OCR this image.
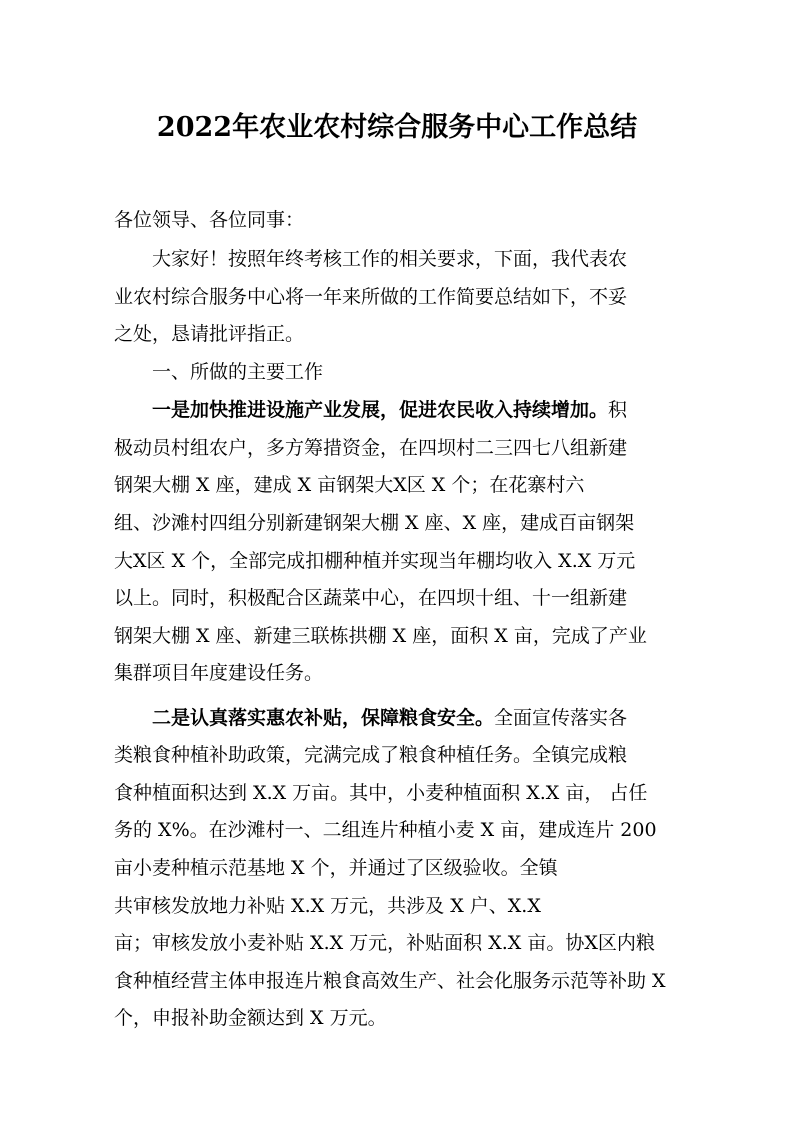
2022年农业农村综合服务中心工作总结
各位领导、各位同事：
大家好！按照年终考核工作的相关要求，下面，我代表农
业农村综合服务中心将一年来所做的工作简要总结如下，不妥
之处，恳请批评指正。
一、所做的主要工作
一是加快推进设施产业发展，促进农民收入持续增加。积
极动员村组农户，多方筹措资金，在四坝村二三四七八组新建
钢架大棚 X 座，建成 X 亩钢架大X区 X 个；在花寨村六
组、沙滩村四组分别新建钢架大棚 X 座、X 座，建成百亩钢架
大X区 X 个，全部完成扣棚种植并实现当年棚均收入 X.X 万元
以上。同时，积极配合区蔬菜中心，在四坝十组、十一组新建
钢架大棚 X 座、新建三联栋拱棚 X 座，面积 X 亩，完成了产业
集群项目年度建设任务。
二是认真落实惠农补贴，保障粮食安全。全面宣传落实各
类粮食种植补助政策，完满完成了粮食种植任务。全镇完成粮
食种植面积达到 X.X 万亩。其中，小麦种植面积 X.X 亩， 占任
务的 X%。在沙滩村一、二组连片种植小麦 X 亩，建成连片 200
亩小麦种植示范基地 X 个，并通过了区级验收。全镇
共审核发放地力补贴 X.X 万元，共涉及 X 户、X.X
亩；审核发放小麦补贴 X.X 万元，补贴面积 X.X 亩。协X区内粮
食种植经营主体申报连片粮食高效生产、社会化服务示范等补助 X
个，申报补助金额达到 X 万元。
